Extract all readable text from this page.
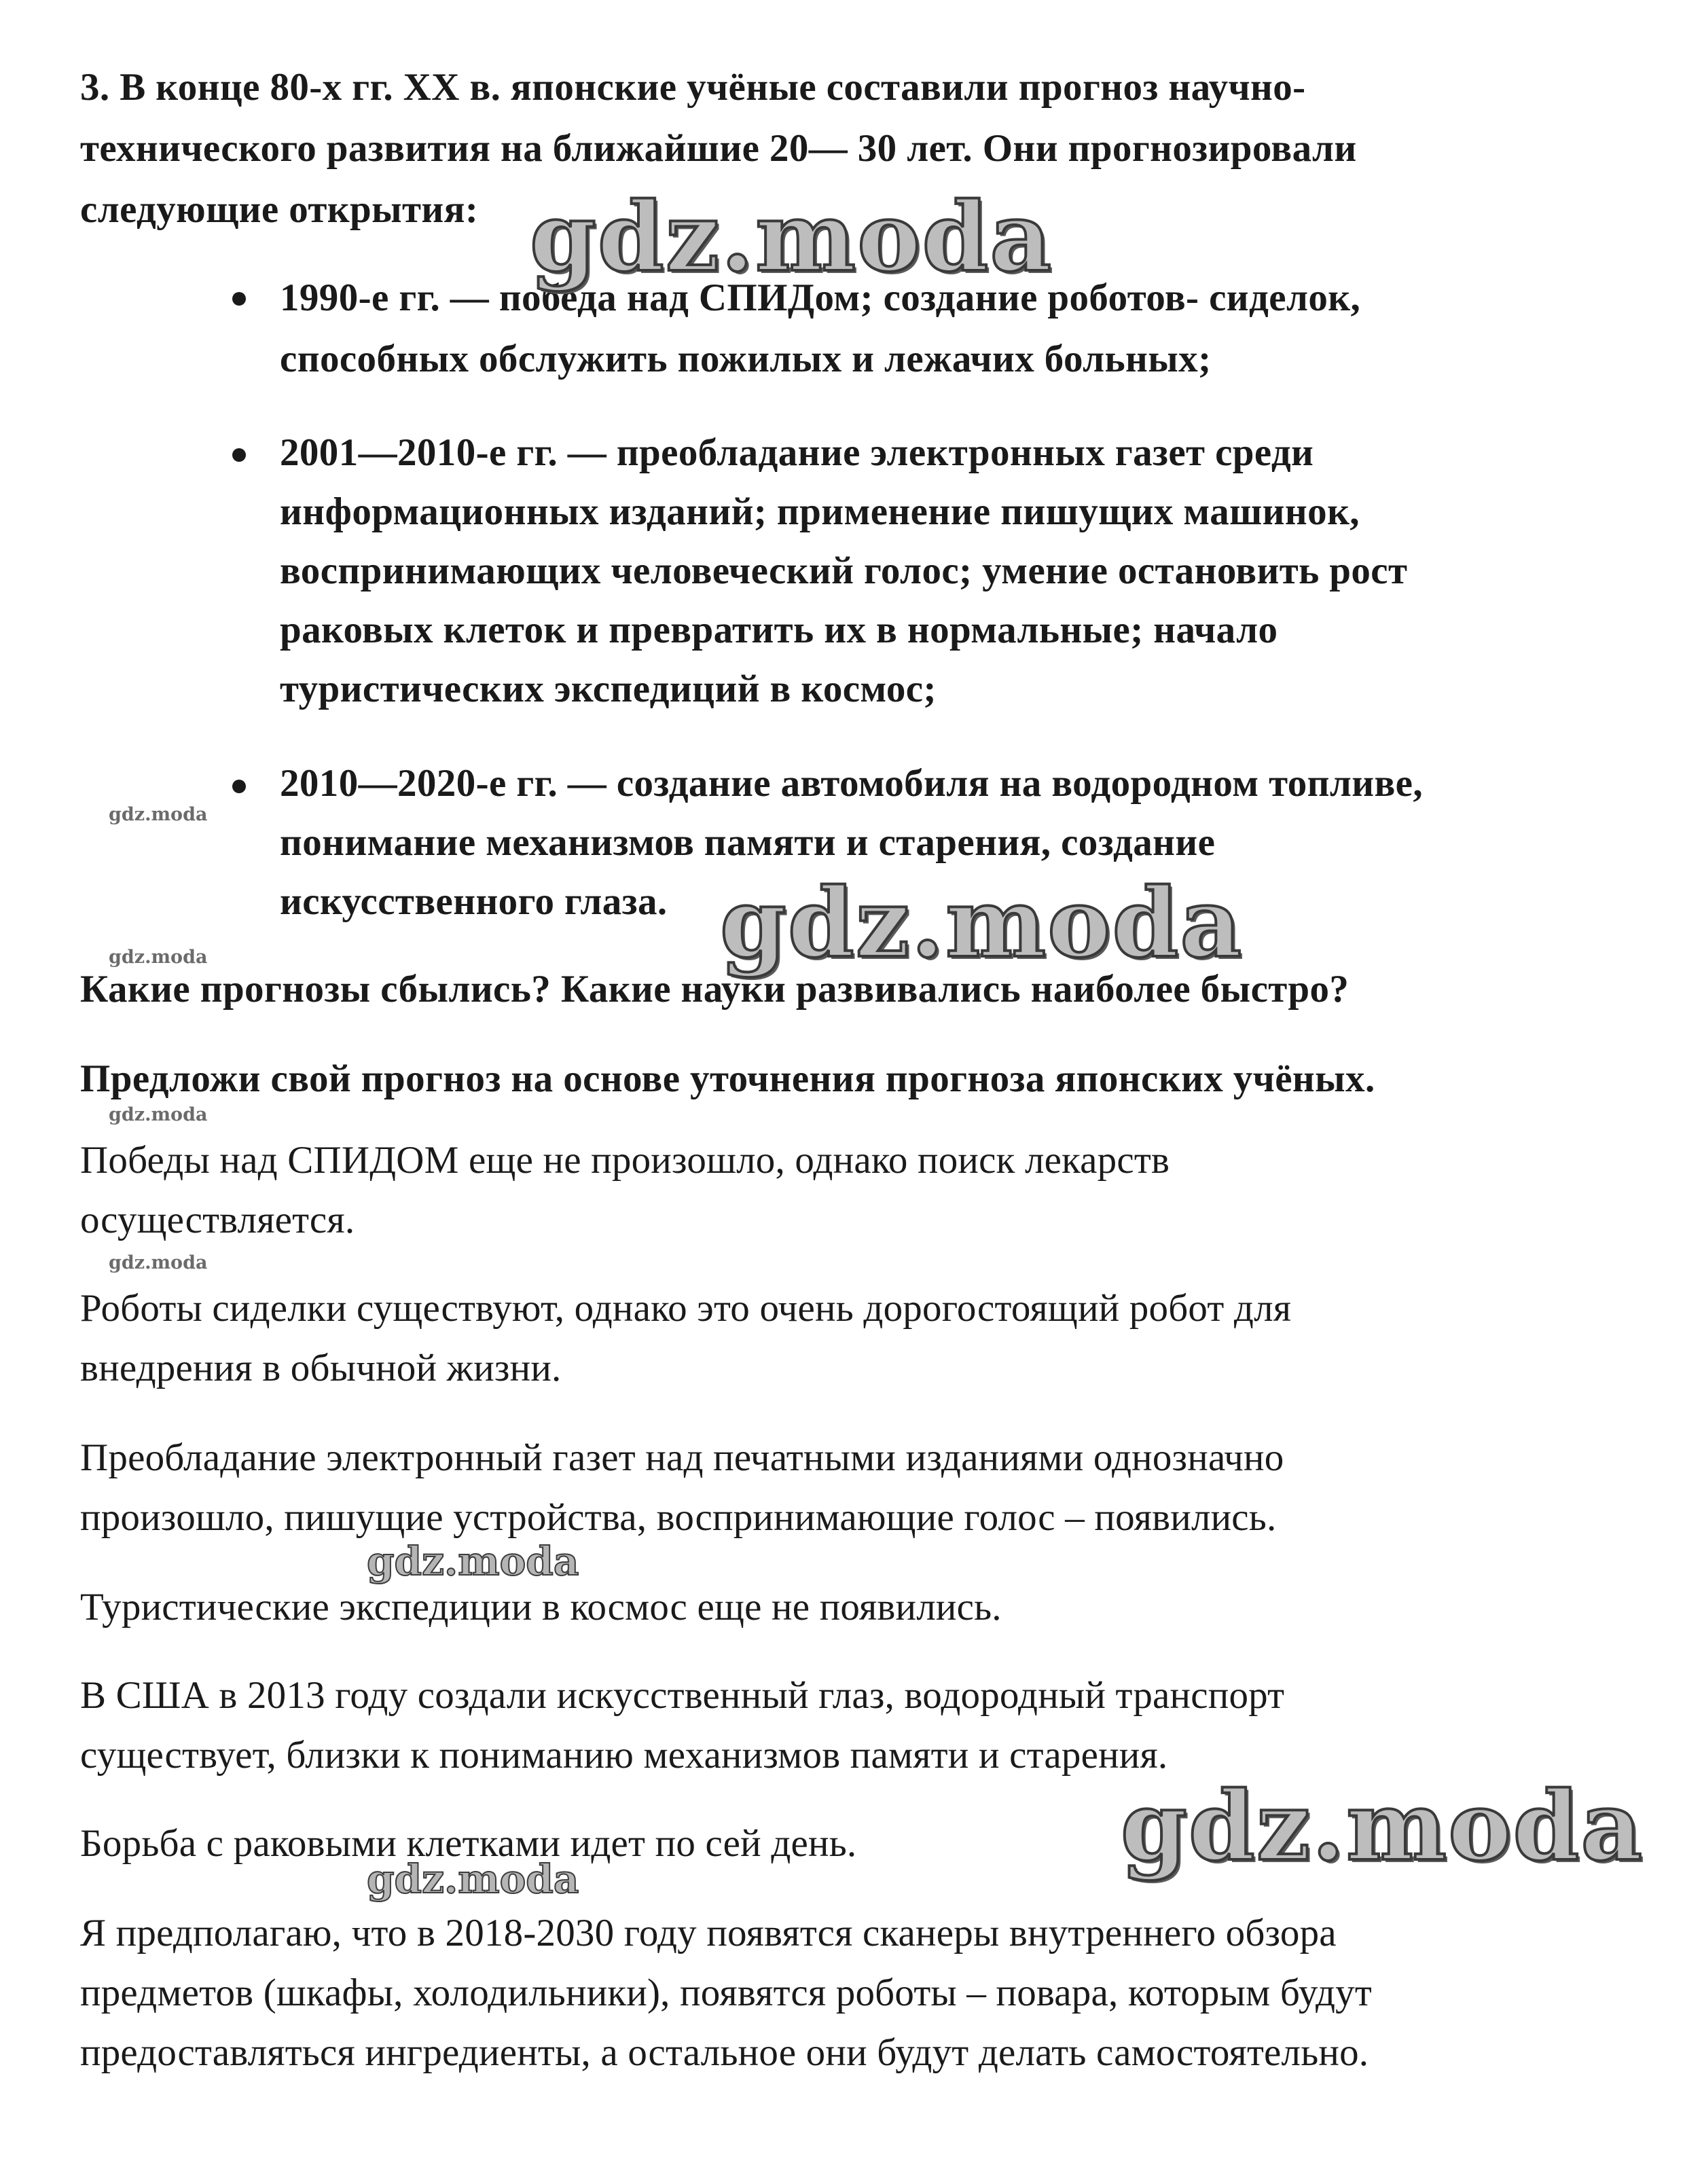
3. В конце 80-х гг. XX в. японские учёные составили прогноз научно-
технического развития на ближайшие 20— 30 лет. Они прогнозировали
следующие открытия:
1990-е гг. — победа над СПИДом; создание роботов- сиделок,
способных обслужить пожилых и лежачих больных;
2001—2010-е гг. — преобладание электронных газет среди
информационных изданий; применение пишущих машинок,
воспринимающих человеческий голос; умение остановить рост
раковых клеток и превратить их в нормальные; начало
туристических экспедиций в космос;
2010—2020-е гг. — создание автомобиля на водородном топливе,
понимание механизмов памяти и старения, создание
искусственного глаза.
Какие прогнозы сбылись? Какие науки развивались наиболее быстро?
Предложи свой прогноз на основе уточнения прогноза японских учёных.
Победы над СПИДОМ еще не произошло, однако поиск лекарств
осуществляется.
Роботы сиделки существуют, однако это очень дорогостоящий робот для
внедрения в обычной жизни.
Преобладание электронный газет над печатными изданиями однозначно
произошло, пишущие устройства, воспринимающие голос – появились.
Туристические экспедиции в космос еще не появились.
В США в 2013 году создали искусственный глаз, водородный транспорт
существует, близки к пониманию механизмов памяти и старения.
Борьба с раковыми клетками идет по сей день.
Я предполагаю, что в 2018-2030 году появятся сканеры внутреннего обзора
предметов (шкафы, холодильники), появятся роботы – повара, которым будут
предоставляться ингредиенты, а остальное они будут делать самостоятельно.
gdz.moda
gdz.moda
gdz.moda
gdz.moda
gdz.moda
gdz.moda
gdz.moda
gdz.moda
gdz.moda
